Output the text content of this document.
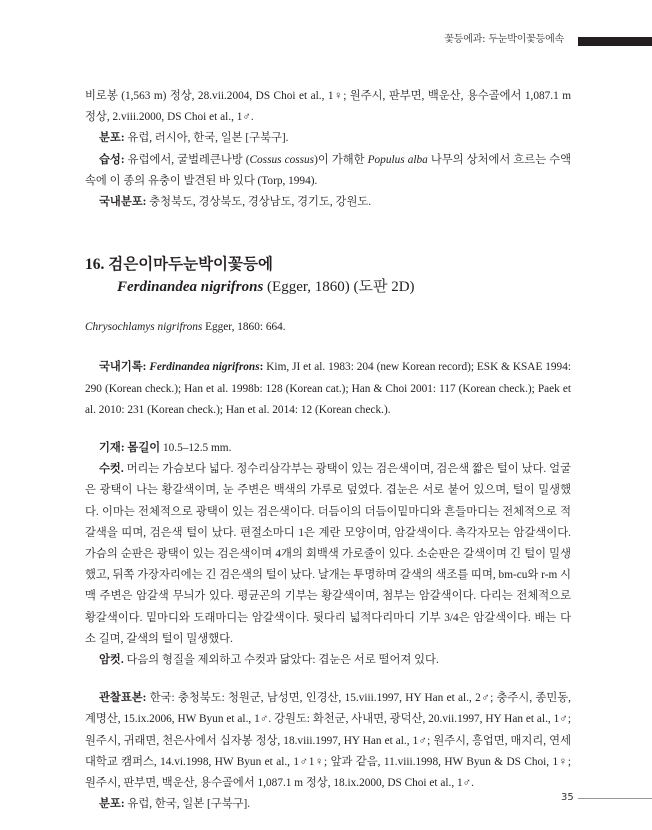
꽃등에과: 두눈박이꽃등에속

비로봉 (1,563 m) 정상, 28.vii.2004, DS Choi et al., 1♀; 원주시, 판부면, 백운산, 용수골에서 1,087.1 m 정상, 2.viii.2000, DS Choi et al., 1♂.

분포: 유럽, 러시아, 한국, 일본 [구북구].

습성: 유럽에서, 굴벌레큰나방 (Cossus cossus)이 가해한 Populus alba 나무의 상처에서 흐르는 수액 속에 이 종의 유충이 발견된 바 있다 (Torp, 1994).

국내분포: 충청북도, 경상북도, 경상남도, 경기도, 강원도.

16. 검은이마두눈박이꽃등에

Ferdinandea nigrifrons (Egger, 1860) (도판 2D)

Chrysochlamys nigrifrons Egger, 1860: 664.

국내기록: Ferdinandea nigrifrons: Kim, JI et al. 1983: 204 (new Korean record); ESK & KSAE 1994: 290 (Korean check.); Han et al. 1998b: 128 (Korean cat.); Han & Choi 2001: 117 (Korean check.); Paek et al. 2010: 231 (Korean check.); Han et al. 2014: 12 (Korean check.).

기재: 몸길이 10.5–12.5 mm.

수컷. 머리는 가슴보다 넓다. 정수리삼각부는 광택이 있는 검은색이며, 검은색 짧은 털이 났다. 얼굴은 광택이 나는 황갈색이며, 눈 주변은 백색의 가루로 덮였다. 겹눈은 서로 붙어 있으며, 털이 밀생했다. 이마는 전체적으로 광택이 있는 검은색이다. 더듬이의 더듬이밑마디와 흔들마디는 전체적으로 적갈색을 띠며, 검은색 털이 났다. 편절소마디 1은 계란 모양이며, 암갈색이다. 촉각자모는 암갈색이다. 가슴의 순판은 광택이 있는 검은색이며 4개의 회백색 가로줄이 있다. 소순판은 갈색이며 긴 털이 밀생했고, 뒤쪽 가장자리에는 긴 검은색의 털이 났다. 날개는 투명하며 갈색의 색조를 띠며, bm-cu와 r-m 시맥 주변은 암갈색 무늬가 있다. 평균곤의 기부는 황갈색이며, 첨부는 암갈색이다. 다리는 전체적으로 황갈색이다. 밑마디와 도래마디는 암갈색이다. 뒷다리 넓적다리마디 기부 3/4은 암갈색이다. 배는 다소 길며, 갈색의 털이 밀생했다.

암컷. 다음의 형질을 제외하고 수컷과 닮았다: 겹눈은 서로 떨어져 있다.

관찰표본: 한국: 충청북도: 청원군, 남성면, 인경산, 15.viii.1997, HY Han et al., 2♂; 충주시, 종민동, 계명산, 15.ix.2006, HW Byun et al., 1♂. 강원도: 화천군, 사내면, 광덕산, 20.vii.1997, HY Han et al., 1♂; 원주시, 귀래면, 천은사에서 십자봉 정상, 18.viii.1997, HY Han et al., 1♂; 원주시, 흥업면, 매지리, 연세대학교 캠퍼스, 14.vi.1998, HW Byun et al., 1♂1♀; 앞과 같음, 11.viii.1998, HW Byun & DS Choi, 1♀; 원주시, 판부면, 백운산, 용수골에서 1,087.1 m 정상, 18.ix.2000, DS Choi et al., 1♂.

분포: 유럽, 한국, 일본 [구북구].

35
